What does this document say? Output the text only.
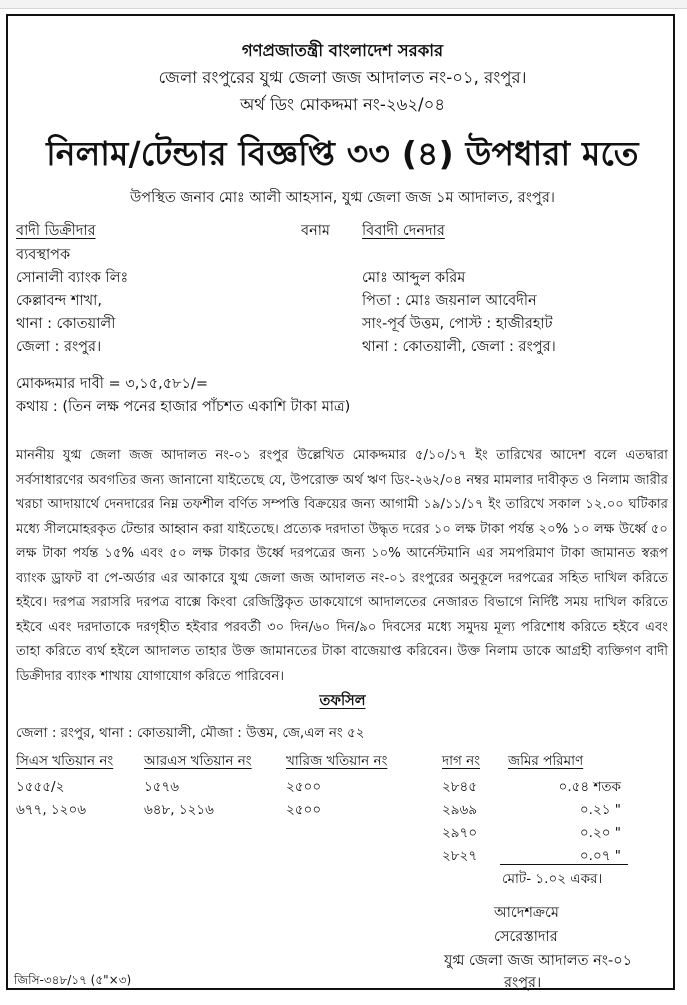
গণপ্রজাতন্ত্রী বাংলাদেশ সরকার
জেলা রংপুরের যুগ্ম জেলা জজ আদালত নং-০১, রংপুর।
অর্থ ডিং মোকদ্দমা নং-২৬২/০৪
নিলাম/টেন্ডার বিজ্ঞপ্তি ৩৩ (৪) উপধারা মতে
উপস্থিত জনাব মোঃ আলী আহসান, যুগ্ম জেলা জজ ১ম আদালত, রংপুর।
বাদী ডিক্রীদার	বনাম বিবাদী দেনদার
ব্যবস্থাপক
সোনালী ব্যাংক লিঃ
কেল্লাবন্দ শাখা,
থানা : কোতয়ালী
জেলা : রংপুর।
মোঃ আব্দুল করিম
পিতা : মোঃ জয়নাল আবেদীন
সাং-পূর্ব উত্তম, পোস্ট : হাজীরহাট
থানা : কোতয়ালী, জেলা : রংপুর।
মোকদ্দমার দাবী = ৩,১৫,৫৮১/=
কথায় : (তিন লক্ষ পনের হাজার পাঁচশত একাশি টাকা মাত্র)
মাননীয় যুগ্ম জেলা জজ আদালত নং-০১ রংপুর উল্লেখিত মোকদ্দমার ৫/১০/১৭ ইং তারিখের আদেশ বলে এতদ্বারা সর্বসাধারণের অবগতির জন্য জানানো যাইতেছে যে, উপরোক্ত অর্থ ঋণ ডিং-২৬২/০৪ নম্বর মামলার দাবীকৃত ও নিলাম জারীর খরচা আদায়ার্থে দেনদারের নিম্ন তফশীল বর্ণিত সম্পত্তি বিক্রয়ের জন্য আগামী ১৯/১১/১৭ ইং তারিখে সকাল ১২.০০ ঘটিকার মধ্যে সীলমোহরকৃত টেন্ডার আহ্বান করা যাইতেছে। প্রত্যেক দরদাতা উদ্ধৃত দরের ১০ লক্ষ টাকা পর্যন্ত ২০% ১০ লক্ষ উর্ধ্বে ৫০ লক্ষ টাকা পর্যন্ত ১৫% এবং ৫০ লক্ষ টাকার উর্ধ্বে দরপত্রের জন্য ১০% আর্নেস্টমানি এর সমপরিমাণ টাকা জামানত স্বরূপ ব্যাংক ড্রাফট বা পে-অর্ডার এর আকারে যুগ্ম জেলা জজ আদালত নং-০১ রংপুরের অনুকূলে দরপত্রের সহিত দাখিল করিতে হইবে। দরপত্র সরাসরি দরপত্র বাক্সে কিংবা রেজিস্ট্রিকৃত ডাকযোগে আদালতের নেজারত বিভাগে নির্দিষ্ট সময় দাখিল করিতে হইবে এবং দরদাতাকে দরগৃহীত হইবার পরবর্তী ৩০ দিন/৬০ দিন/৯০ দিবসের মধ্যে সমুদয় মূল্য পরিশোধ করিতে হইবে এবং তাহা করিতে ব্যর্থ হইলে আদালত তাহার উক্ত জামানতের টাকা বাজেয়াপ্ত করিবেন। উক্ত নিলাম ডাকে আগ্রহী ব্যক্তিগণ বাদী ডিক্রীদার ব্যাংক শাখায় যোগাযোগ করিতে পারিবেন।
তফসিল
জেলা : রংপুর, থানা : কোতয়ালী, মৌজা : উত্তম, জে,এল নং ৫২
সিএস খতিয়ান নং	আরএস খতিয়ান নং	খারিজ খতিয়ান নং	দাগ নং	জমির পরিমাণ
১৫৫৫/২	১৫৭৬	২৫০০	২৮৪৫	০.৫৪ শতক
৬৭৭, ১২০৬	৬৪৮, ১২১৬	২৫০০	২৯৬৯	০.২১ "
			২৯৭০	০.২০ "
			২৮২৭	০.০৭ "
মোট- ১.০২ একর।
আদেশক্রমে
সেরেস্তাদার
যুগ্ম জেলা জজ আদালত নং-০১
রংপুর।
জিসি-৩৪৮/১৭ (৫"×৩)
